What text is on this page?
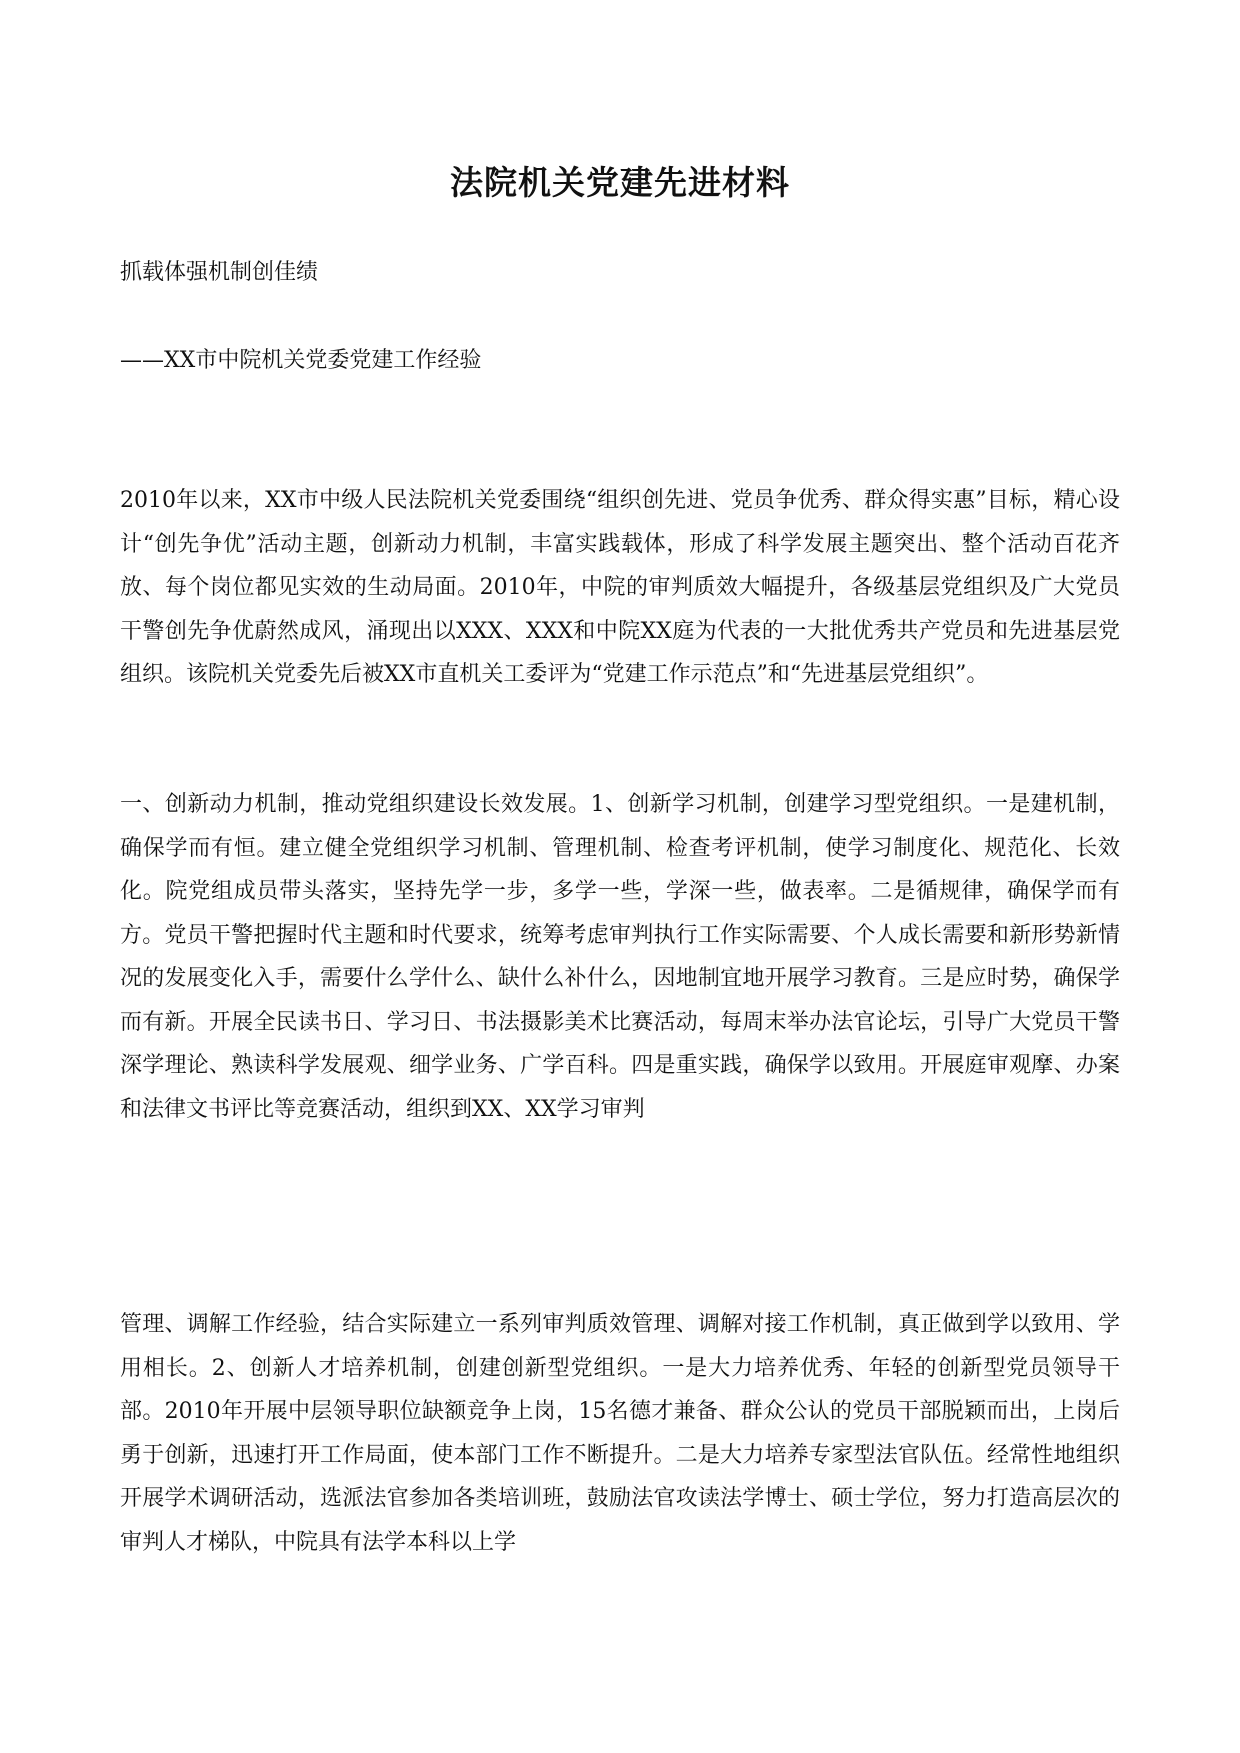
法院机关党建先进材料

抓载体强机制创佳绩

——XX市中院机关党委党建工作经验

2010年以来，XX市中级人民法院机关党委围绕“组织创先进、党员争优秀、群众得实惠”目标，精心设计“创先争优”活动主题，创新动力机制，丰富实践载体，形成了科学发展主题突出、整个活动百花齐放、每个岗位都见实效的生动局面。2010年，中院的审判质效大幅提升，各级基层党组织及广大党员干警创先争优蔚然成风，涌现出以XXX、XXX和中院XX庭为代表的一大批优秀共产党员和先进基层党组织。该院机关党委先后被XX市直机关工委评为“党建工作示范点”和“先进基层党组织”。

一、创新动力机制，推动党组织建设长效发展。1、创新学习机制，创建学习型党组织。一是建机制，确保学而有恒。建立健全党组织学习机制、管理机制、检查考评机制，使学习制度化、规范化、长效化。院党组成员带头落实，坚持先学一步，多学一些，学深一些，做表率。二是循规律，确保学而有方。党员干警把握时代主题和时代要求，统筹考虑审判执行工作实际需要、个人成长需要和新形势新情况的发展变化入手，需要什么学什么、缺什么补什么，因地制宜地开展学习教育。三是应时势，确保学而有新。开展全民读书日、学习日、书法摄影美术比赛活动，每周末举办法官论坛，引导广大党员干警深学理论、熟读科学发展观、细学业务、广学百科。四是重实践，确保学以致用。开展庭审观摩、办案和法律文书评比等竞赛活动，组织到XX、XX学习审判

管理、调解工作经验，结合实际建立一系列审判质效管理、调解对接工作机制，真正做到学以致用、学用相长。2、创新人才培养机制，创建创新型党组织。一是大力培养优秀、年轻的创新型党员领导干部。2010年开展中层领导职位缺额竞争上岗，15名德才兼备、群众公认的党员干部脱颖而出，上岗后勇于创新，迅速打开工作局面，使本部门工作不断提升。二是大力培养专家型法官队伍。经常性地组织开展学术调研活动，选派法官参加各类培训班，鼓励法官攻读法学博士、硕士学位，努力打造高层次的审判人才梯队，中院具有法学本科以上学
